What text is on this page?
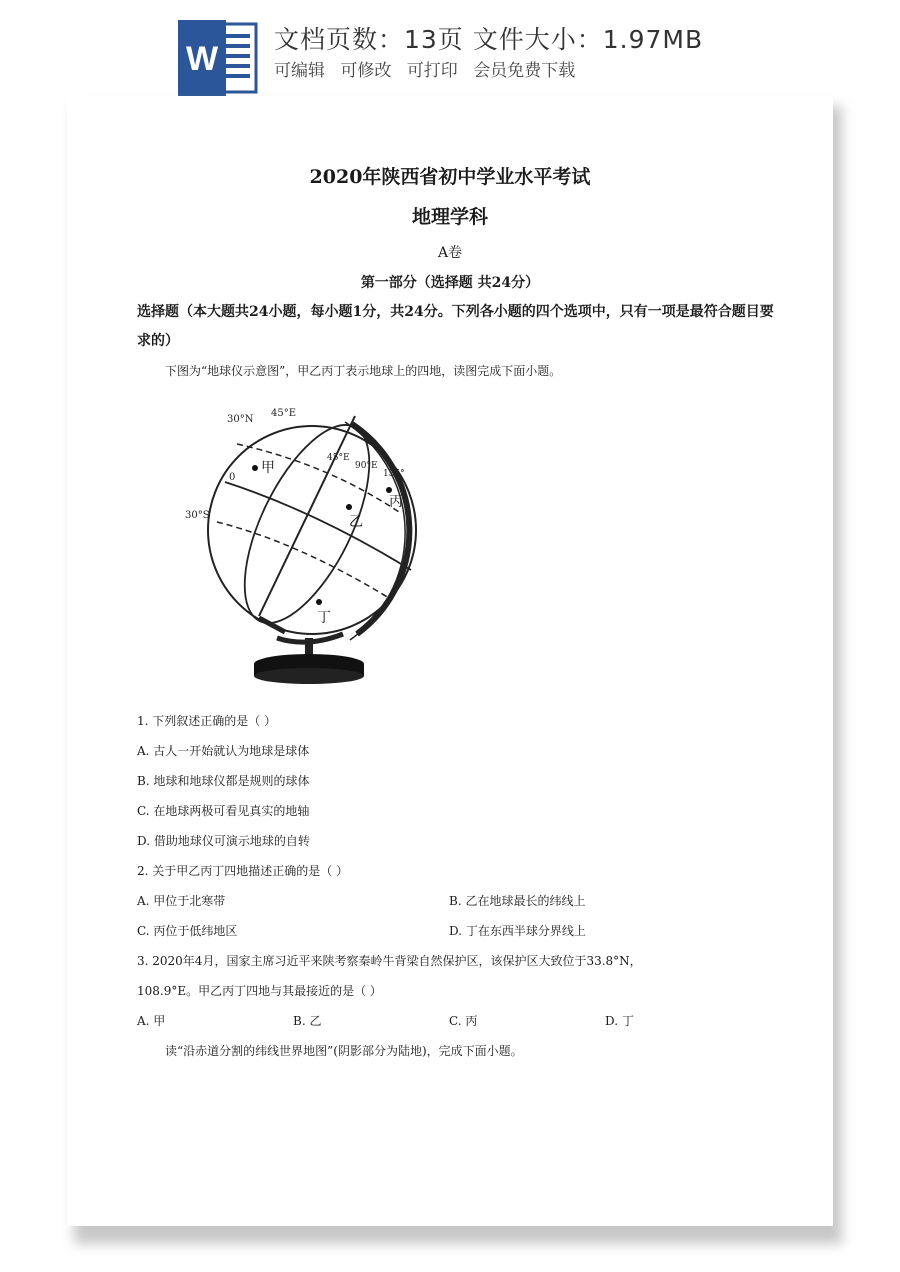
W
文档页数：13页 文件大小：1.97MB
可编辑 可修改 可打印 会员免费下载
2020年陕西省初中学业水平考试
地理学科
A卷
第一部分（选择题 共24分）
选择题（本大题共24小题，每小题1分，共24分。下列各小题的四个选项中，只有一项是最符合题目要求的）
下图为“地球仪示意图”，甲乙丙丁表示地球上的四地，读图完成下面小题。
30°N
45°E
45°E
90°E
135°
0
30°S
甲
乙
丙
丁
1. 下列叙述正确的是（ ）
A. 古人一开始就认为地球是球体
B. 地球和地球仪都是规则的球体
C. 在地球两极可看见真实的地轴
D. 借助地球仪可演示地球的自转
2. 关于甲乙丙丁四地描述正确的是（ ）
A. 甲位于北寒带	B. 乙在地球最长的纬线上
C. 丙位于低纬地区	D. 丁在东西半球分界线上
3. 2020年4月，国家主席习近平来陕考察秦岭牛背梁自然保护区，该保护区大致位于33.8°N，
108.9°E。甲乙丙丁四地与其最接近的是（ ）
A. 甲	B. 乙	C. 丙	D. 丁
读“沿赤道分割的纬线世界地图”(阴影部分为陆地)，完成下面小题。
